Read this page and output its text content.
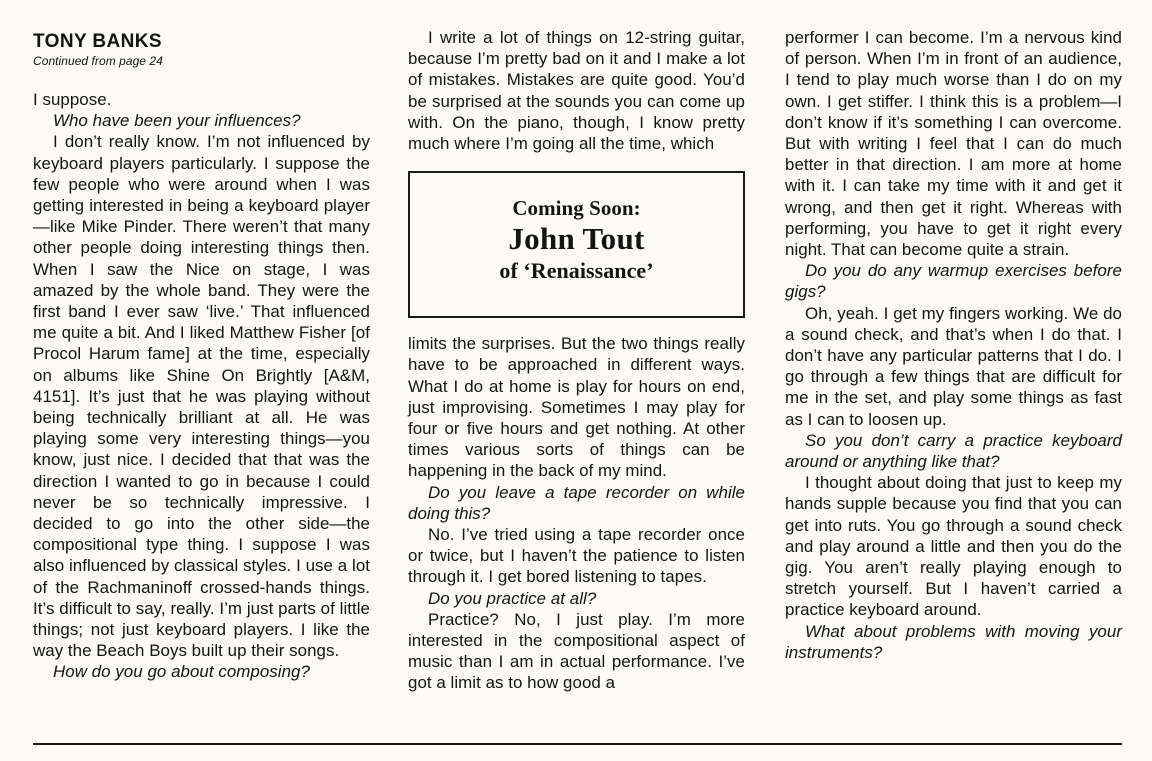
TONY BANKS
Continued from page 24

I suppose.

Who have been your influences?

I don’t really know. I’m not influenced by keyboard players particularly. I suppose the few people who were around when I was getting interested in being a keyboard player—like Mike Pinder. There weren’t that many other people doing interesting things then. When I saw the Nice on stage, I was amazed by the whole band. They were the first band I ever saw ‘live.’ That influenced me quite a bit. And I liked Matthew Fisher [of Procol Harum fame] at the time, especially on albums like Shine On Brightly [A&M, 4151]. It’s just that he was playing without being technically brilliant at all. He was playing some very interesting things—you know, just nice. I decided that that was the direction I wanted to go in because I could never be so technically impressive. I decided to go into the other side—the compositional type thing. I suppose I was also influenced by classical styles. I use a lot of the Rachmaninoff crossed-hands things. It’s difficult to say, really. I’m just parts of little things; not just keyboard players. I like the way the Beach Boys built up their songs.

How do you go about composing?

I write a lot of things on 12-string guitar, because I’m pretty bad on it and I make a lot of mistakes. Mistakes are quite good. You’d be surprised at the sounds you can come up with. On the piano, though, I know pretty much where I’m going all the time, which

Coming Soon:
John Tout
of ‘Renaissance’

limits the surprises. But the two things really have to be approached in different ways. What I do at home is play for hours on end, just improvising. Sometimes I may play for four or five hours and get nothing. At other times various sorts of things can be happening in the back of my mind.

Do you leave a tape recorder on while doing this?

No. I’ve tried using a tape recorder once or twice, but I haven’t the patience to listen through it. I get bored listening to tapes.

Do you practice at all?

Practice? No, I just play. I’m more interested in the compositional aspect of music than I am in actual performance. I’ve got a limit as to how good a

performer I can become. I’m a nervous kind of person. When I’m in front of an audience, I tend to play much worse than I do on my own. I get stiffer. I think this is a problem—I don’t know if it’s something I can overcome. But with writing I feel that I can do much better in that direction. I am more at home with it. I can take my time with it and get it wrong, and then get it right. Whereas with performing, you have to get it right every night. That can become quite a strain.

Do you do any warmup exercises before gigs?

Oh, yeah. I get my fingers working. We do a sound check, and that’s when I do that. I don’t have any particular patterns that I do. I go through a few things that are difficult for me in the set, and play some things as fast as I can to loosen up.

So you don’t carry a practice keyboard around or anything like that?

I thought about doing that just to keep my hands supple because you find that you can get into ruts. You go through a sound check and play around a little and then you do the gig. You aren’t really playing enough to stretch yourself. But I haven’t carried a practice keyboard around.

What about problems with moving your instruments?
